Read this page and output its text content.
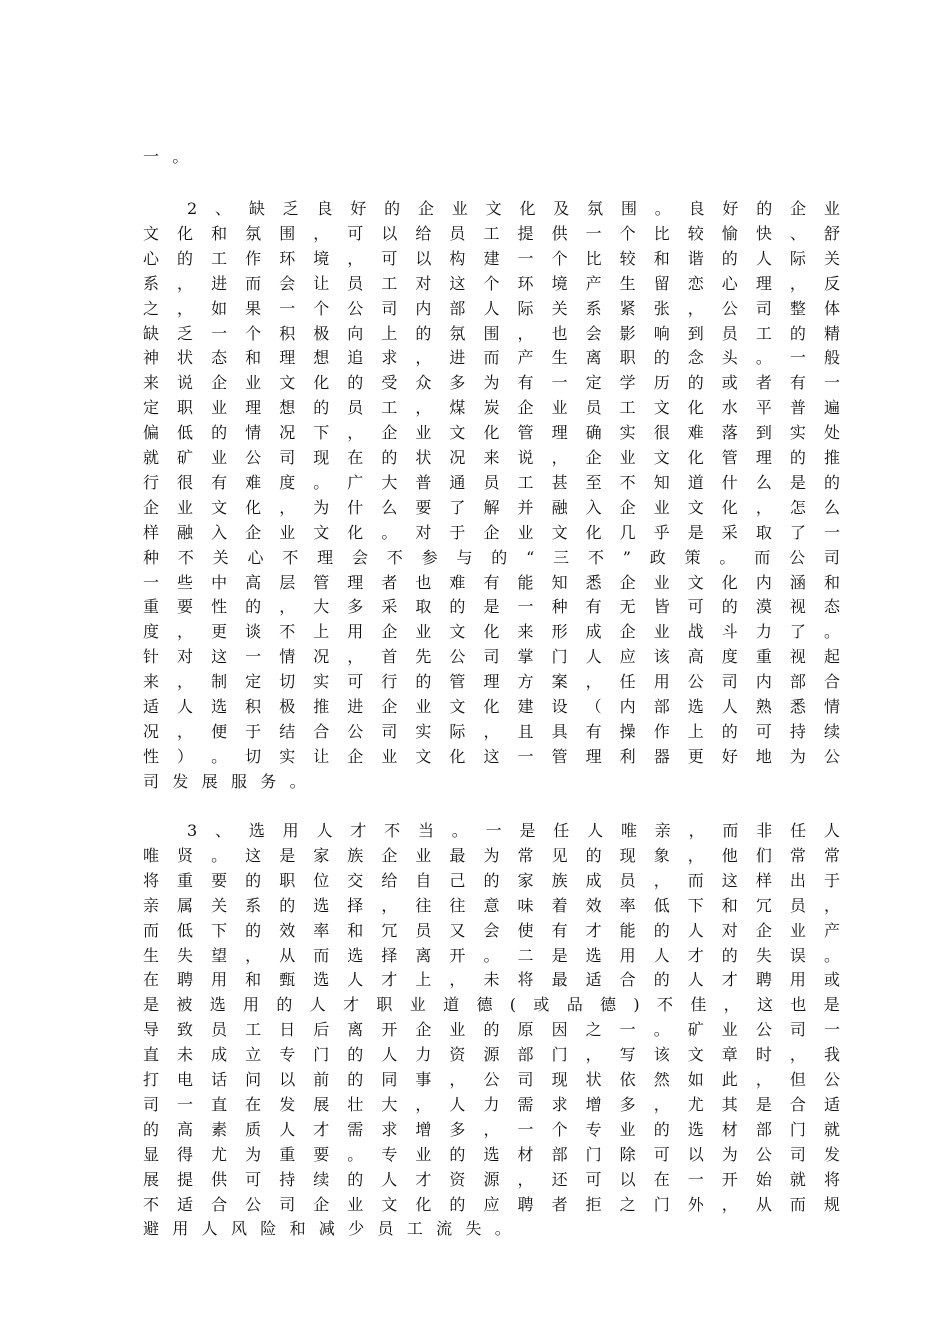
一 。
2 、 缺 乏 良 好 的 企 业 文 化 及 氛 围 。 良 好 的 企 业
文 化 和 氛 围 ， 可 以 给 员 工 提 供 一 个 比 较 愉 快 、 舒
心 的 工 作 环 境 ， 可 以 构 建 一 个 比 较 和 谐 的 人 际 关
系 ， 进 而 会 让 员 工 对 这 个 环 境 产 生 留 恋 心 理 ， 反
之 ， 如 果 一 个 公 司 内 部 人 际 关 系 紧 张 ， 公 司 整 体
缺 乏 一 个 积 极 向 上 的 氛 围 ， 也 会 影 响 到 员 工 的 精
神 状 态 和 理 想 追 求 ， 进 而 产 生 离 职 的 念 头 。 一 般
来 说 企 业 文 化 的 受 众 多 为 有 一 定 学 历 的 或 者 有 一
定 职 业 理 想 的 员 工 ， 煤 炭 企 业 员 工 文 化 水 平 普 遍
偏 低 的 情 况 下 ， 企 业 文 化 管 理 确 实 很 难 落 到 实 处
就 矿 业 公 司 现 在 的 状 况 来 说 ， 企 业 文 化 管 理 的 推
行 很 有 难 度 。 广 大 普 通 员 工 甚 至 不 知 道 什 么 是 的
企 业 文 化 ， 为 什 么 要 了 解 并 融 入 企 业 文 化 ， 怎 么
样 融 入 企 业 文 化 。 对 于 企 业 文 化 几 乎 是 采 取 了 一
种 不 关 心 不 理 会 不 参 与 的 “ 三 不 ” 政 策 。 而 公 司
一 些 中 高 层 管 理 者 也 难 有 能 知 悉 企 业 文 化 内 涵 和
重 要 性 的 ， 大 多 采 取 的 是 一 种 有 无 皆 可 的 漠 视 态
度 ， 更 谈 不 上 用 企 业 文 化 来 形 成 企 业 战 斗 力 了 。
针 对 这 一 情 况 ， 首 先 公 司 掌 门 人 应 该 高 度 重 视 起
来 ， 制 定 切 实 可 行 的 管 理 方 案 ， 任 用 公 司 内 部 合
适 人 选 积 极 推 进 企 业 文 化 建 设 （ 内 部 选 人 熟 悉 情
况 ， 便 于 结 合 公 司 实 际 ， 且 具 有 操 作 上 的 可 持 续
性 ） 。 切 实 让 企 业 文 化 这 一 管 理 利 器 更 好 地 为 公
司 发 展 服 务 。
3 、 选 用 人 才 不 当 。 一 是 任 人 唯 亲 ， 而 非 任 人
唯 贤 。 这 是 家 族 企 业 最 为 常 见 的 现 象 ， 他 们 常 常
将 重 要 的 职 位 交 给 自 己 的 家 族 成 员 ， 而 这 样 出 于
亲 属 关 系 的 选 择 ， 往 往 意 味 着 效 率 低 下 和 冗 员 ，
而 低 下 的 效 率 和 冗 员 又 会 使 有 才 能 的 人 对 企 业 产
生 失 望 ， 从 而 选 择 离 开 。 二 是 选 用 人 才 的 失 误 。
在 聘 用 和 甄 选 人 才 上 ， 未 将 最 适 合 的 人 才 聘 用 或
是 被 选 用 的 人 才 职 业 道 德 ( 或 品 德 ) 不 佳 ， 这 也 是
导 致 员 工 日 后 离 开 企 业 的 原 因 之 一 。 矿 业 公 司 一
直 未 成 立 专 门 的 人 力 资 源 部 门 ， 写 该 文 章 时 ， 我
打 电 话 问 以 前 的 同 事 ， 公 司 现 状 依 然 如 此 ， 但 公
司 一 直 在 发 展 壮 大 ， 人 力 需 求 增 多 ， 尤 其 是 合 适
的 高 素 质 人 才 需 求 增 多 ， 一 个 专 业 的 选 材 部 门 就
显 得 尤 为 重 要 。 专 业 的 选 材 部 门 除 可 以 为 公 司 发
展 提 供 可 持 续 的 人 才 资 源 ， 还 可 以 在 一 开 始 就 将
不 适 合 公 司 企 业 文 化 的 应 聘 者 拒 之 门 外 ， 从 而 规
避 用 人 风 险 和 减 少 员 工 流 失 。
